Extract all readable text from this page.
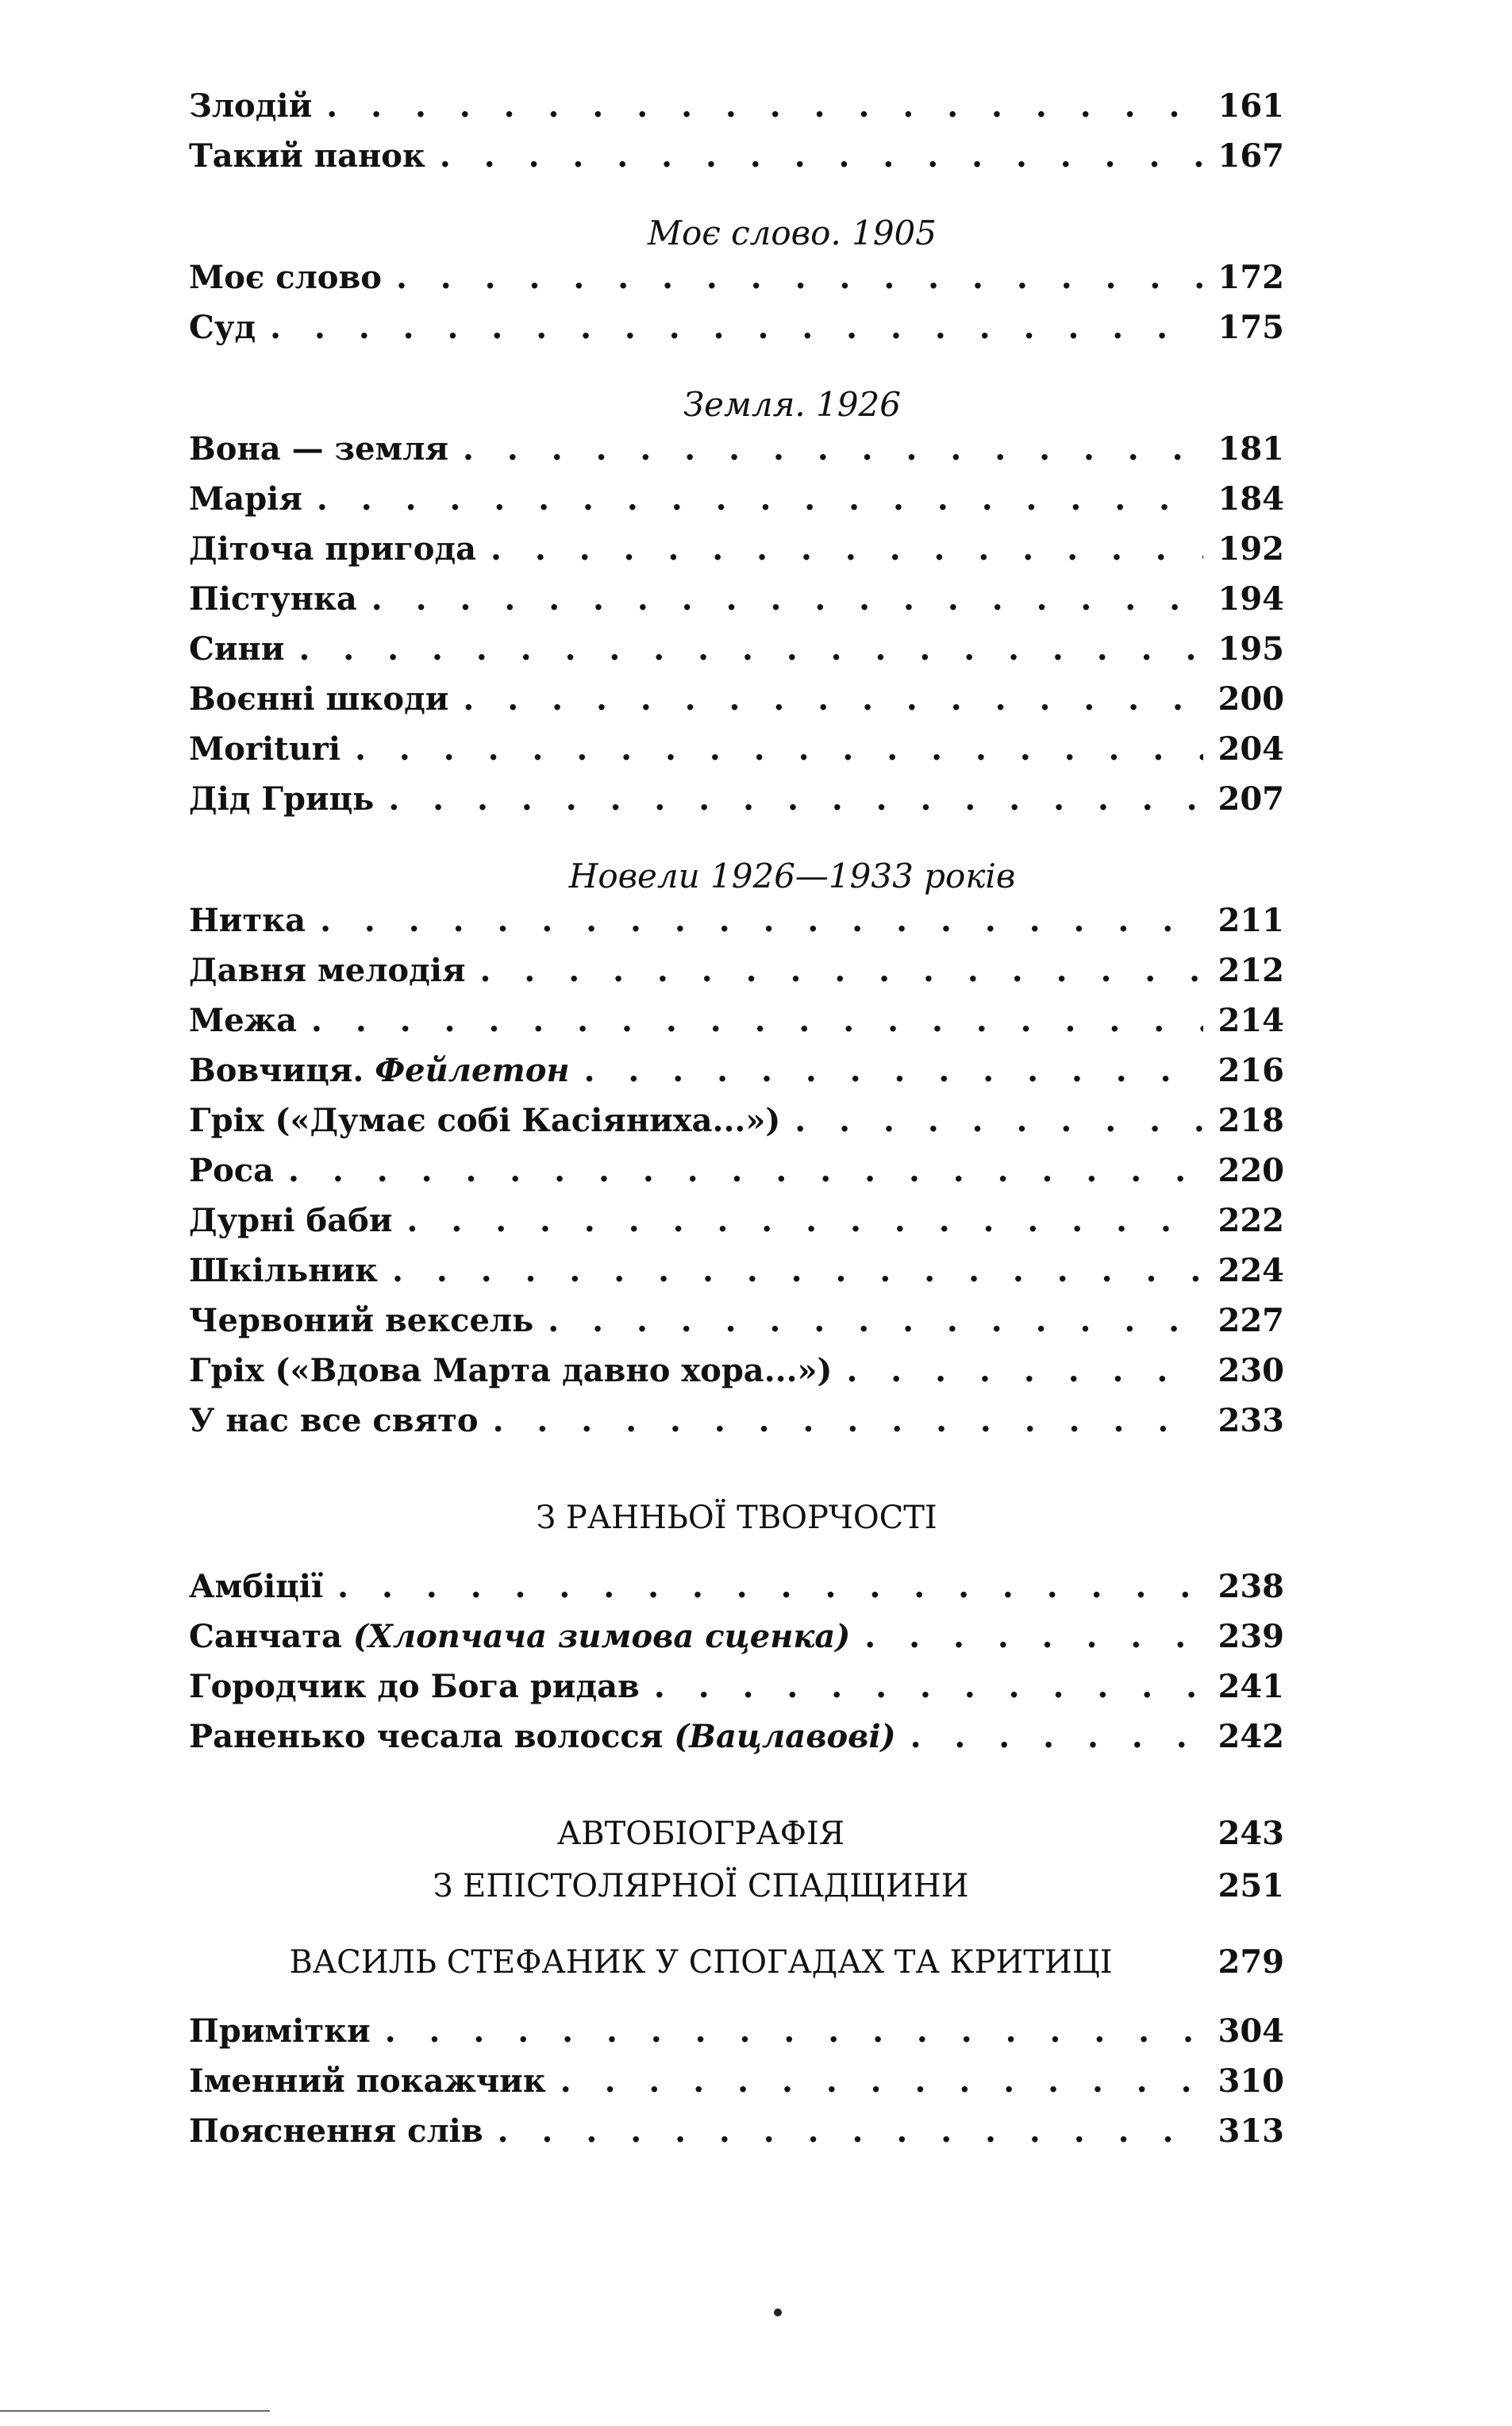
Злодій . . .	161
Такий панок . . .	167
Моє слово. 1905
Моє слово . . .	172
Суд . . .	175
Земля. 1926
Вона — земля . . .	181
Марія . . .	184
Діточа пригода . . .	192
Пістунка . . .	194
Сини . . .	195
Воєнні шкоди . . .	200
Moriturі . . .	204
Дід Гриць . . .	207
Новели 1926—1933 років
Нитка . . .	211
Давня мелодія . . .	212
Межа . . .	214
Вовчиця. Фейлетон . . .	216
Гріх («Думає собі Касіяниха...») . . .	218
Роса . . .	220
Дурні баби . . .	222
Шкільник . . .	224
Червоний вексель . . .	227
Гріх («Вдова Марта давно хора...») . . .	230
У нас все свято . . .	233
З РАННЬОЇ ТВОРЧОСТІ
Амбіції . . .	238
Санчата (Хлопчача зимова сценка) . . .	239
Городчик до Бога ридав . . .	241
Раненько чесала волосся (Вацлавові) . . .	242
АВТОБІОГРАФІЯ	243
З ЕПІСТОЛЯРНОЇ СПАДЩИНИ	251
ВАСИЛЬ СТЕФАНИК У СПОГАДАХ ТА КРИТИЦІ	279
Примітки . . .	304
Іменний покажчик . . .	310
Пояснення слів . . .	313
